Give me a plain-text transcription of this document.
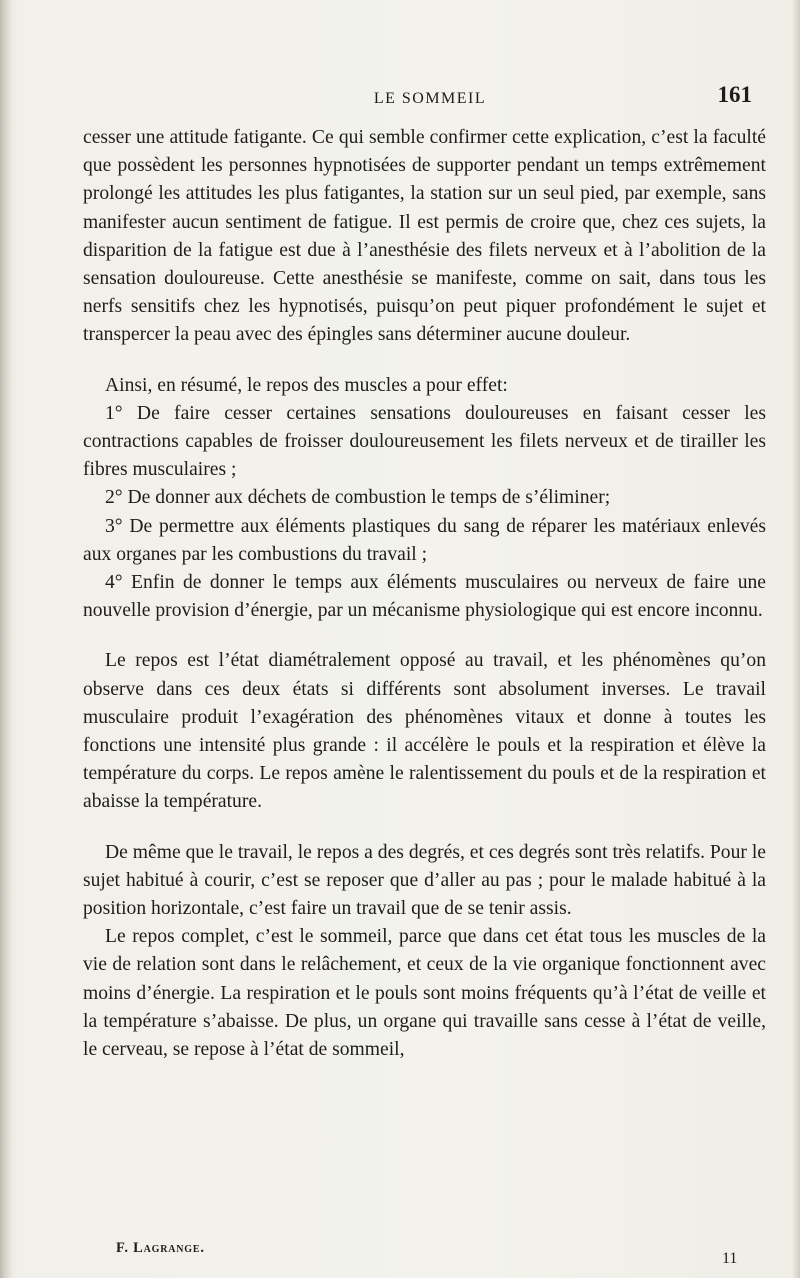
LE SOMMEIL	161

cesser une attitude fatigante. Ce qui semble confirmer cette explication, c’est la faculté que possèdent les personnes hypnotisées de supporter pendant un temps extrêmement prolongé les attitudes les plus fatigantes, la station sur un seul pied, par exemple, sans manifester aucun sentiment de fatigue. Il est permis de croire que, chez ces sujets, la disparition de la fatigue est due à l’anesthésie des filets nerveux et à l’abolition de la sensation douloureuse. Cette anesthésie se manifeste, comme on sait, dans tous les nerfs sensitifs chez les hypnotisés, puisqu’on peut piquer profondément le sujet et transpercer la peau avec des épingles sans déterminer aucune douleur.

Ainsi, en résumé, le repos des muscles a pour effet:

1° De faire cesser certaines sensations douloureuses en faisant cesser les contractions capables de froisser douloureusement les filets nerveux et de tirailler les fibres musculaires ;

2° De donner aux déchets de combustion le temps de s’éliminer;

3° De permettre aux éléments plastiques du sang de réparer les matériaux enlevés aux organes par les combustions du travail ;

4° Enfin de donner le temps aux éléments musculaires ou nerveux de faire une nouvelle provision d’énergie, par un mécanisme physiologique qui est encore inconnu.

Le repos est l’état diamétralement opposé au travail, et les phénomènes qu’on observe dans ces deux états si différents sont absolument inverses. Le travail musculaire produit l’exagération des phénomènes vitaux et donne à toutes les fonctions une intensité plus grande : il accélère le pouls et la respiration et élève la température du corps. Le repos amène le ralentissement du pouls et de la respiration et abaisse la température.

De même que le travail, le repos a des degrés, et ces degrés sont très relatifs. Pour le sujet habitué à courir, c’est se reposer que d’aller au pas ; pour le malade habitué à la position horizontale, c’est faire un travail que de se tenir assis.

Le repos complet, c’est le sommeil, parce que dans cet état tous les muscles de la vie de relation sont dans le relâchement, et ceux de la vie organique fonctionnent avec moins d’énergie. La respiration et le pouls sont moins fréquents qu’à l’état de veille et la température s’abaisse. De plus, un organe qui travaille sans cesse à l’état de veille, le cerveau, se repose à l’état de sommeil,

F. Lagrange.
11
